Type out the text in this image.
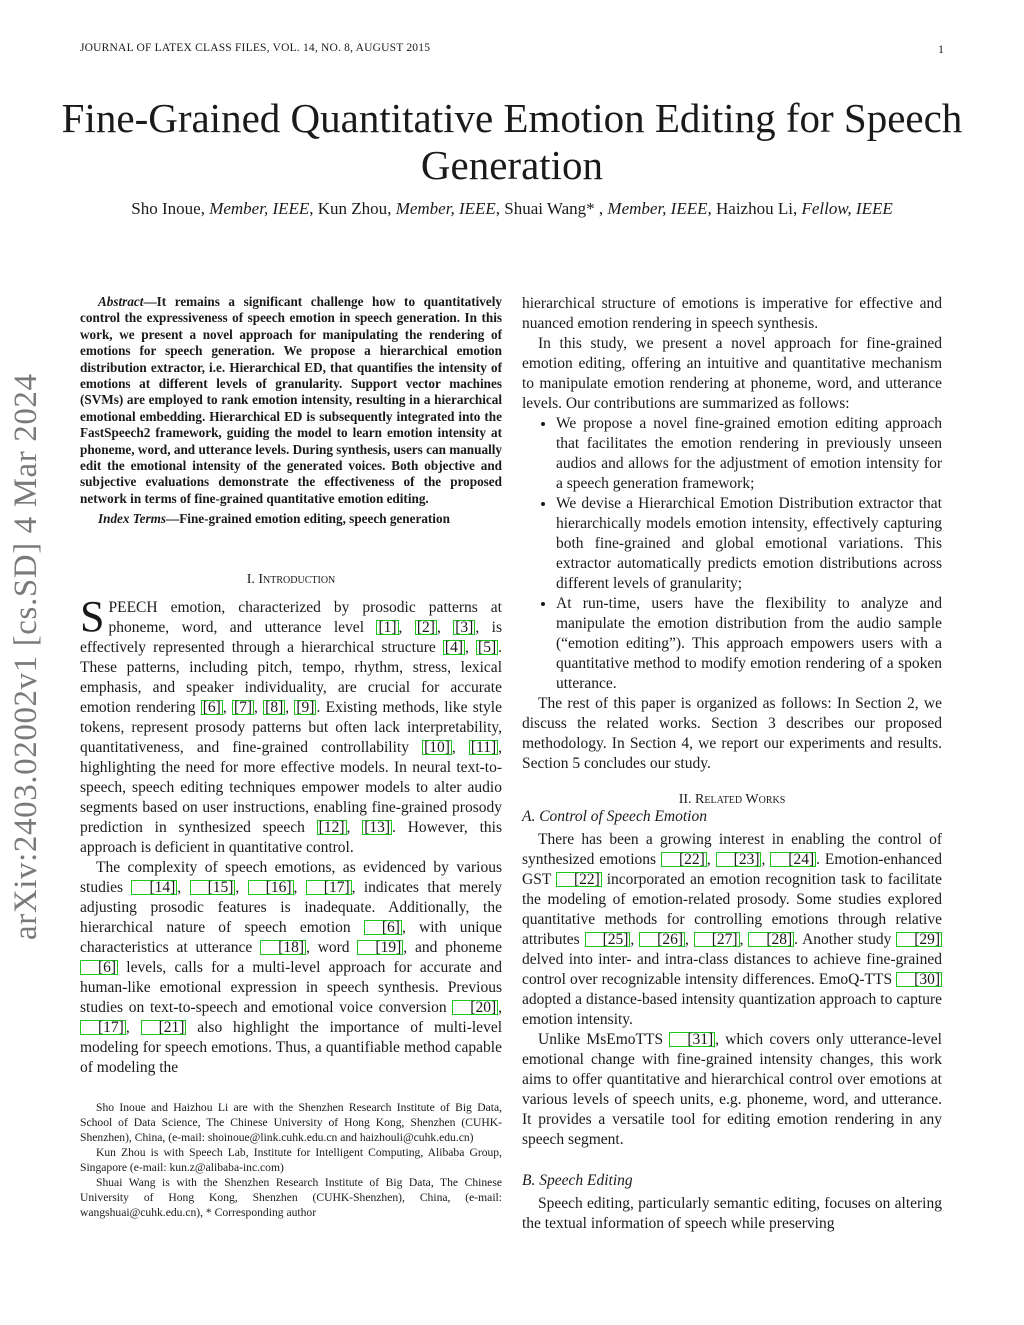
JOURNAL OF LATEX CLASS FILES, VOL. 14, NO. 8, AUGUST 2015	1
arXiv:2403.02002v1 [cs.SD] 4 Mar 2024
Fine-Grained Quantitative Emotion Editing for Speech Generation
Sho Inoue, Member, IEEE, Kun Zhou, Member, IEEE, Shuai Wang* , Member, IEEE, Haizhou Li, Fellow, IEEE

Abstract—It remains a significant challenge how to quantitatively control the expressiveness of speech emotion in speech generation. In this work, we present a novel approach for manipulating the rendering of emotions for speech generation. We propose a hierarchical emotion distribution extractor, i.e. Hierarchical ED, that quantifies the intensity of emotions at different levels of granularity. Support vector machines (SVMs) are employed to rank emotion intensity, resulting in a hierarchical emotional embedding. Hierarchical ED is subsequently integrated into the FastSpeech2 framework, guiding the model to learn emotion intensity at phoneme, word, and utterance levels. During synthesis, users can manually edit the emotional intensity of the generated voices. Both objective and subjective evaluations demonstrate the effectiveness of the proposed network in terms of fine-grained quantitative emotion editing.

Index Terms—Fine-grained emotion editing, speech generation

I. Introduction

SPEECH emotion, characterized by prosodic patterns at phoneme, word, and utterance level [1] , [2] , [3] , is effectively represented through a hierarchical structure [4] , [5] . These patterns, including pitch, tempo, rhythm, stress, lexical emphasis, and speaker individuality, are crucial for accurate emotion rendering [6] , [7] , [8] , [9] . Existing methods, like style tokens, represent prosody patterns but often lack interpretability, quantitativeness, and fine-grained controllability [10] , [11] , highlighting the need for more effective models. In neural text-to-speech, speech editing techniques empower models to alter audio segments based on user instructions, enabling fine-grained prosody prediction in synthesized speech [12] , [13] . However, this approach is deficient in quantitative control.

The complexity of speech emotions, as evidenced by various studies [14] , [15] , [16] , [17] , indicates that merely adjusting prosodic features is inadequate. Additionally, the hierarchical nature of speech emotion [6] , with unique characteristics at utterance [18] , word [19] , and phoneme [6] levels, calls for a multi-level approach for accurate and human-like emotional expression in speech synthesis. Previous studies on text-to-speech and emotional voice conversion [20] , [17] , [21] also highlight the importance of multi-level modeling for speech emotions. Thus, a quantifiable method capable of modeling the

Sho Inoue and Haizhou Li are with the Shenzhen Research Institute of Big Data, School of Data Science, The Chinese University of Hong Kong, Shenzhen (CUHK-Shenzhen), China, (e-mail: shoinoue@link.cuhk.edu.cn and haizhouli@cuhk.edu.cn)

Kun Zhou is with Speech Lab, Institute for Intelligent Computing, Alibaba Group, Singapore (e-mail: kun.z@alibaba-inc.com)

Shuai Wang is with the Shenzhen Research Institute of Big Data, The Chinese University of Hong Kong, Shenzhen (CUHK-Shenzhen), China, (e-mail: wangshuai@cuhk.edu.cn), * Corresponding author

hierarchical structure of emotions is imperative for effective and nuanced emotion rendering in speech synthesis.

In this study, we present a novel approach for fine-grained emotion editing, offering an intuitive and quantitative mechanism to manipulate emotion rendering at phoneme, word, and utterance levels. Our contributions are summarized as follows:

• We propose a novel fine-grained emotion editing approach that facilitates the emotion rendering in previously unseen audios and allows for the adjustment of emotion intensity for a speech generation framework;
• We devise a Hierarchical Emotion Distribution extractor that hierarchically models emotion intensity, effectively capturing both fine-grained and global emotional variations. This extractor automatically predicts emotion distributions across different levels of granularity;
• At run-time, users have the flexibility to analyze and manipulate the emotion distribution from the audio sample (“emotion editing”). This approach empowers users with a quantitative method to modify emotion rendering of a spoken utterance.

The rest of this paper is organized as follows: In Section 2, we discuss the related works. Section 3 describes our proposed methodology. In Section 4, we report our experiments and results. Section 5 concludes our study.

II. Related Works

A. Control of Speech Emotion

There has been a growing interest in enabling the control of synthesized emotions [22] , [23] , [24] . Emotion-enhanced GST [22] incorporated an emotion recognition task to facilitate the modeling of emotion-related prosody. Some studies explored quantitative methods for controlling emotions through relative attributes [25] , [26] , [27] , [28] . Another study [29] delved into inter- and intra-class distances to achieve fine-grained control over recognizable intensity differences. EmoQ-TTS [30] adopted a distance-based intensity quantization approach to capture emotion intensity.

Unlike MsEmoTTS [31] , which covers only utterance-level emotional change with fine-grained intensity changes, this work aims to offer quantitative and hierarchical control over emotions at various levels of speech units, e.g. phoneme, word, and utterance. It provides a versatile tool for editing emotion rendering in any speech segment.

B. Speech Editing

Speech editing, particularly semantic editing, focuses on altering the textual information of speech while preserving
